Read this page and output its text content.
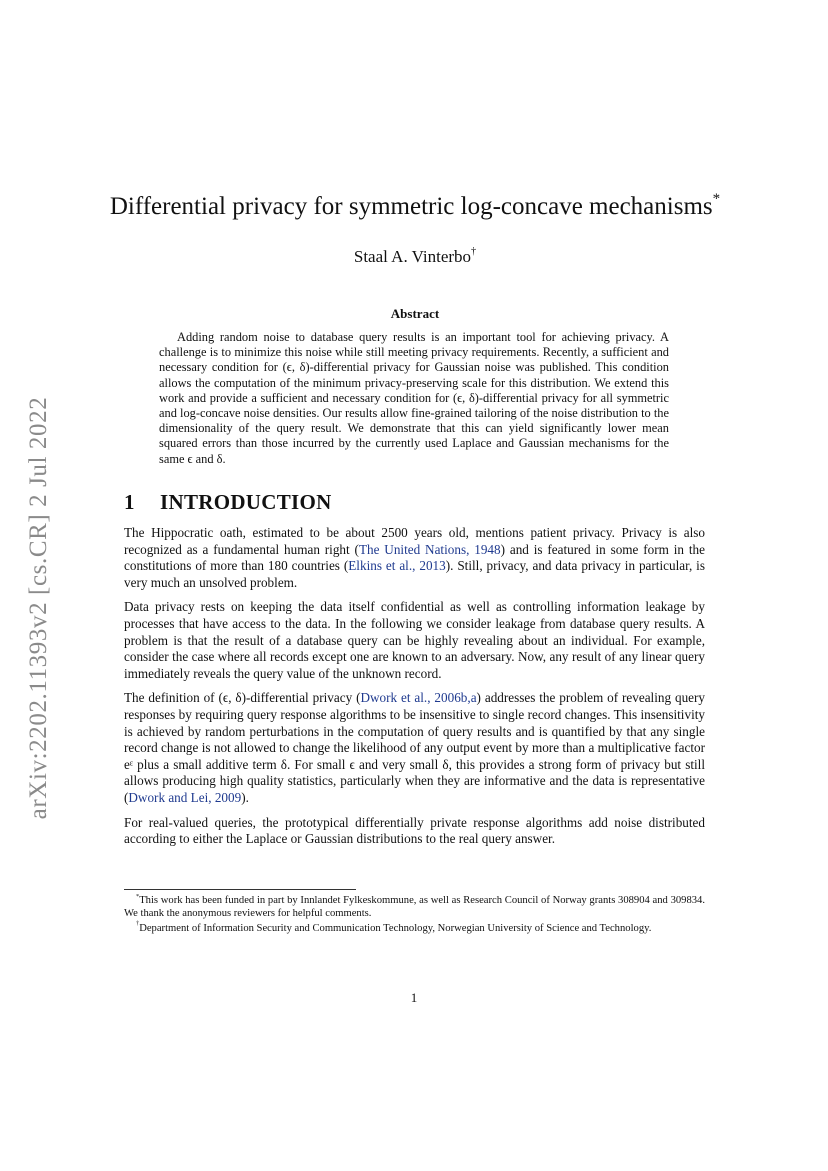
arXiv:2202.11393v2 [cs.CR] 2 Jul 2022
Differential privacy for symmetric log-concave mechanisms*
Staal A. Vinterbo†
Abstract

Adding random noise to database query results is an important tool for achieving privacy. A challenge is to minimize this noise while still meeting privacy requirements. Recently, a sufficient and necessary condition for (ϵ, δ)-differential privacy for Gaussian noise was published. This condition allows the computation of the minimum privacy-preserving scale for this distribution. We extend this work and provide a sufficient and necessary condition for (ϵ, δ)-differential privacy for all symmetric and log-concave noise densities. Our results allow fine-grained tailoring of the noise distribution to the dimensionality of the query result. We demonstrate that this can yield significantly lower mean squared errors than those incurred by the currently used Laplace and Gaussian mechanisms for the same ϵ and δ.

1 INTRODUCTION

The Hippocratic oath, estimated to be about 2500 years old, mentions patient privacy. Privacy is also recognized as a fundamental human right (The United Nations, 1948) and is featured in some form in the constitutions of more than 180 countries (Elkins et al., 2013). Still, privacy, and data privacy in particular, is very much an unsolved problem.

Data privacy rests on keeping the data itself confidential as well as controlling information leakage by processes that have access to the data. In the following we consider leakage from database query results. A problem is that the result of a database query can be highly revealing about an individual. For example, consider the case where all records except one are known to an adversary. Now, any result of any linear query immediately reveals the query value of the unknown record.

The definition of (ϵ, δ)-differential privacy (Dwork et al., 2006b,a) addresses the problem of revealing query responses by requiring query response algorithms to be insensitive to single record changes. This insensitivity is achieved by random perturbations in the computation of query results and is quantified by that any single record change is not allowed to change the likelihood of any output event by more than a multiplicative factor eᵋ plus a small additive term δ. For small ϵ and very small δ, this provides a strong form of privacy but still allows producing high quality statistics, particularly when they are informative and the data is representative (Dwork and Lei, 2009).

For real-valued queries, the prototypical differentially private response algorithms add noise distributed according to either the Laplace or Gaussian distributions to the real query answer.

*This work has been funded in part by Innlandet Fylkeskommune, as well as Research Council of Norway grants 308904 and 309834. We thank the anonymous reviewers for helpful comments.

†Department of Information Security and Communication Technology, Norwegian University of Science and Technology.

1
